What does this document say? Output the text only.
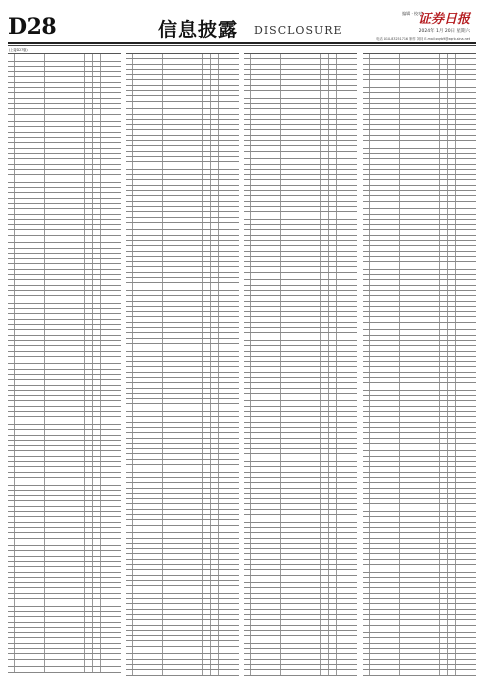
D28	信息披露 DISCLOSURE
编辑 · 校对
证券日报
2024年 1月 20日 星期六
电话 010-83251716 制作 刘钊 E-mail:zqrb9@zqrb.sina.net
(上接D27版)
